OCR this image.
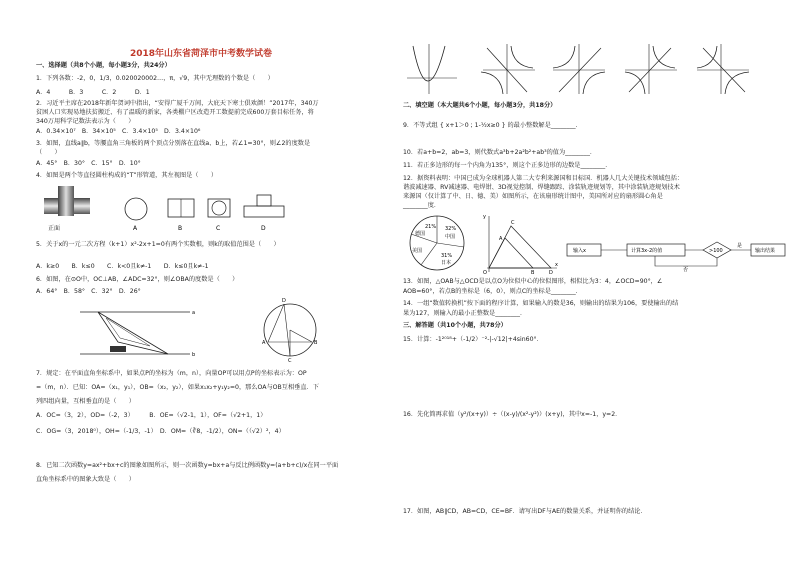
2018年山东省菏泽市中考数学试卷
一、选择题（共8个小题，每小题3分，共24分）
1．下列各数：-2，0，1/3，0.020020002…，π，√9，其中无理数的个数是（　　）
A．4　　　B．3　　　C．2　　　D．1
2．习近平主席在2018年新年贺词中指出，“安得广厦千万间，大庇天下寒士俱欢颜！”2017年，340万
贫困人口实现易地扶贫搬迁、有了温暖的新家，各类棚户区改造开工数提前完成600万套目标任务，将
340万用科学记数法表示为（　　）
A．0.34×10⁷　B．34×10⁵　C．3.4×10⁵　D．3.4×10⁶
3．如图，直线a∥b，等腰直角三角板的两个顶点分别落在直线a、b上，若∠1=30°，则∠2的度数是
（　　）
A．45°　B．30°　C．15°　D．10°
4．如图是两个等直径圆柱构成的“T”形管道，其左视图是（　　）
正面	A	B	C	D
5．关于x的一元二次方程（k+1）x²-2x+1=0有两个实数根，则k的取值范围是（　　）
A．k≥0　　B．k≤0　　C．k<0且k≠-1　　D．k≤0且k≠-1
6．如图，在⊙O中，OC⊥AB，∠ADC=32°，则∠OBA的度数是（　　）
A．64°　B．58°　C．32°　D．26°
a
b
D
A	B
C
7．规定：在平面直角坐标系中，如果点P的坐标为（m，n），向量OP可以用点P的坐标表示为：OP
=（m，n）．已知：OA=（x₁，y₁），OB=（x₂，y₂），如果x₁x₂+y₁y₂=0，那么OA与OB互相垂直．下
列四组向量，互相垂直的是（　　）
A．OC=（3，2），OD=（-2，3）　　　B．OE=（√2-1，1），OF=（√2+1，1）
C．OG=（3，2018⁰），OH=（-1/3，-1）　D．OM=（∛8，-1/2），ON=（（√2）²，4）
8．已知二次函数y=ax²+bx+c的图象如图所示，则一次函数y=bx+a与反比例函数y=(a+b+c)/x在同一平面
直角坐标系中的图象大致是（　　）
二、填空题（本大题共6个小题，每小题3分，共18分）
9．不等式组 { x+1＞0 ; 1-½x≥0 } 的最小整数解是________．
10．若a+b=2，ab=3，则代数式a³b+2a²b²+ab³的值为________．
11．若正多边形的每一个内角为135°，则这个正多边形的边数是________．
12．据资料表明：中国已成为全球机器人第二大专利来源国和目标国．机器人几大关键技术领域包括：
谐波减速器、RV减速器、电焊钳、3D视觉控制、焊缝跟踪、涂装轨迹规划等，其中涂装轨迹规划技术
来源国（仅计算了中、日、德、美）如图所示，在该扇形统计图中，美国所对应的扇形圆心角是
________度．
21%
德国
32%
中国
31%
日本
美国
y
x
C
A
O	B	D
输入x	计算3x-2的值	>100
是
输出结果
否
13．如图，△OAB与△OCD是以点O为位似中心的位似图形，相似比为3：4，∠OCD=90°，∠
AOB=60°，若点B的坐标是（6，0），则点C的坐标是________．
14．一组“数值转换机”按下面的程序计算，如果输入的数是36，则输出的结果为106，要使输出的结
果为127，则输入的最小正整数是________．
三、解答题（共10个小题，共78分）
15．计算：-1²⁰¹⁸+（-1/2）⁻²-|-√12|+4sin60°．
16．先化简再求值（y²/(x+y)）÷（(x-y)/(x²-y²)）(x+y)，其中x=-1，y=2．
17．如图，AB∥CD，AB=CD，CE=BF．请写出DF与AE的数量关系，并证明你的结论．
